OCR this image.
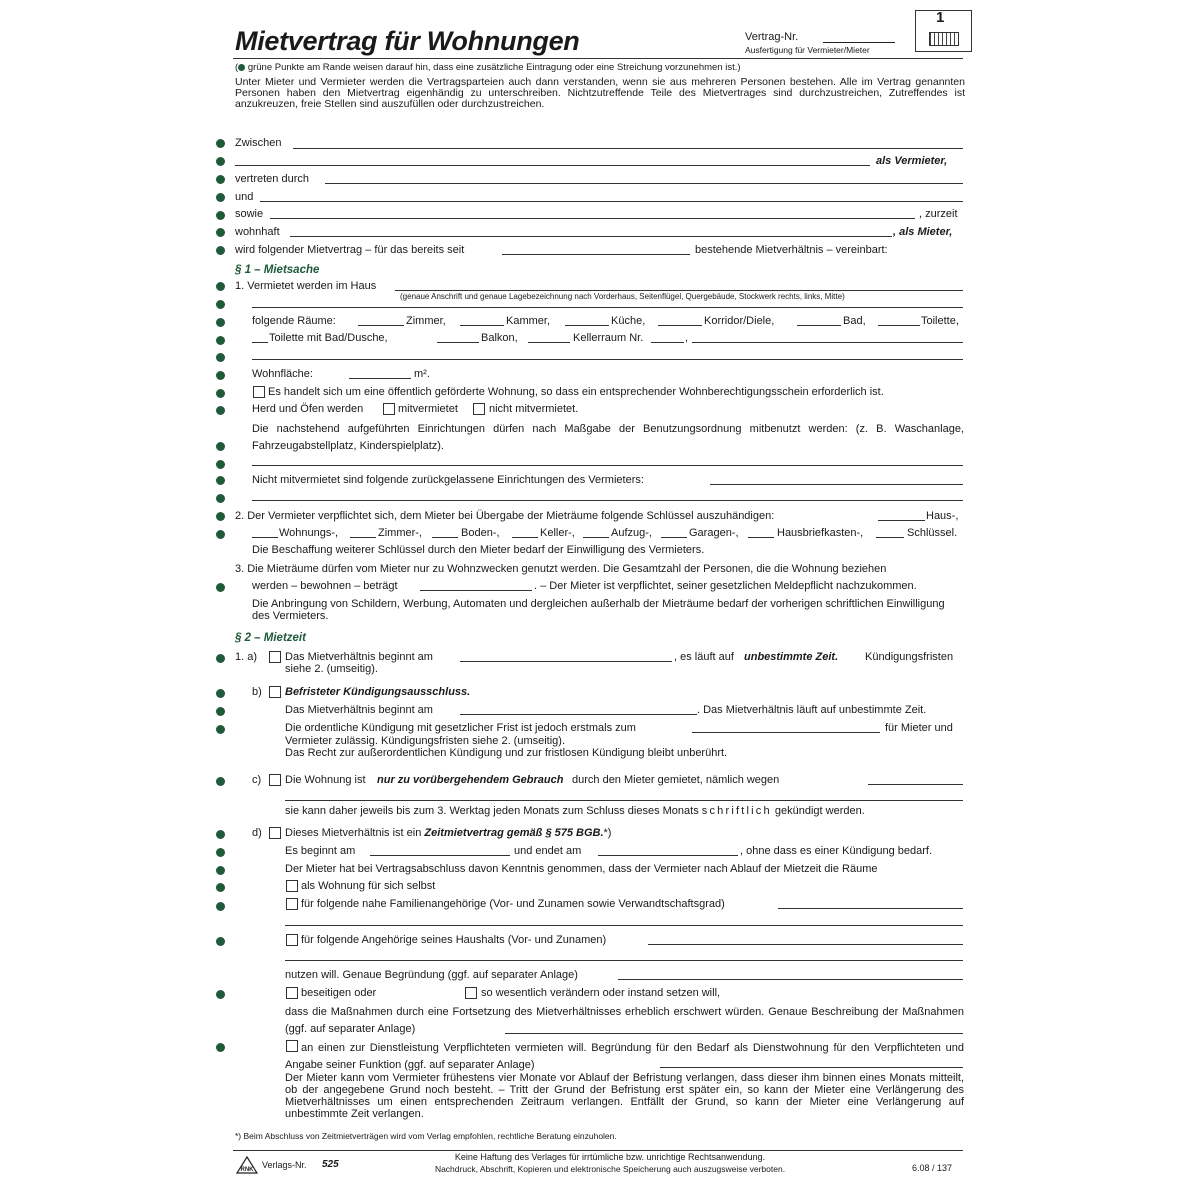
Mietvertrag für Wohnungen	Vertrag-Nr.
Ausfertigung für Vermieter/Mieter
1
( grüne Punkte am Rande weisen darauf hin, dass eine zusätzliche Eintragung oder eine Streichung vorzunehmen ist.)
Unter Mieter und Vermieter werden die Vertragsparteien auch dann verstanden, wenn sie aus mehreren Personen bestehen. Alle im Vertrag genannten Personen haben den Mietvertrag eigenhändig zu unterschreiben. Nichtzutreffende Teile des Mietvertrages sind durchzustreichen, Zutreffendes ist anzukreuzen, freie Stellen sind auszufüllen oder durchzustreichen.
Zwischen
als Vermieter,
vertreten durch
und
sowie	, zurzeit
wohnhaft	, als Mieter,
wird folgender Mietvertrag – für das bereits seit	bestehende Mietverhältnis – vereinbart:
§ 1 – Mietsache
1. Vermietet werden im Haus
(genaue Anschrift und genaue Lagebezeichnung nach Vorderhaus, Seitenflügel, Quergebäude, Stockwerk rechts, links, Mitte)
folgende Räume:	Zimmer,	Kammer,	Küche,	Korridor/Diele,	Bad,	Toilette,
Toilette mit Bad/Dusche,	Balkon,	Kellerraum Nr.	,
Wohnfläche:	m².
Es handelt sich um eine öffentlich geförderte Wohnung, so dass ein entsprechender Wohnberechtigungsschein erforderlich ist.
Herd und Öfen werden	mitvermietet	nicht mitvermietet.
Die nachstehend aufgeführten Einrichtungen dürfen nach Maßgabe der Benutzungsordnung mitbenutzt werden: (z. B. Waschanlage, Fahrzeugabstellplatz, Kinderspielplatz).
Nicht mitvermietet sind folgende zurückgelassene Einrichtungen des Vermieters:
2. Der Vermieter verpflichtet sich, dem Mieter bei Übergabe der Mieträume folgende Schlüssel auszuhändigen:	Haus-,
Wohnungs-,	Zimmer-,	Boden-,	Keller-,	Aufzug-,	Garagen-,	Hausbriefkasten-,	Schlüssel.
Die Beschaffung weiterer Schlüssel durch den Mieter bedarf der Einwilligung des Vermieters.
3. Die Mieträume dürfen vom Mieter nur zu Wohnzwecken genutzt werden. Die Gesamtzahl der Personen, die die Wohnung beziehen
werden – bewohnen – beträgt	. – Der Mieter ist verpflichtet, seiner gesetzlichen Meldepflicht nachzukommen.
Die Anbringung von Schildern, Werbung, Automaten und dergleichen außerhalb der Mieträume bedarf der vorherigen schriftlichen Einwilligung des Vermieters.
§ 2 – Mietzeit
1. a)	Das Mietverhältnis beginnt am	, es läuft auf unbestimmte Zeit. Kündigungsfristen
siehe 2. (umseitig).
b) Befristeter Kündigungsausschluss.
Das Mietverhältnis beginnt am	. Das Mietverhältnis läuft auf unbestimmte Zeit.
Die ordentliche Kündigung mit gesetzlicher Frist ist jedoch erstmals zum	für Mieter und
Vermieter zulässig. Kündigungsfristen siehe 2. (umseitig).
Das Recht zur außerordentlichen Kündigung und zur fristlosen Kündigung bleibt unberührt.
c) Die Wohnung ist nur zu vorübergehendem Gebrauch durch den Mieter gemietet, nämlich wegen
sie kann daher jeweils bis zum 3. Werktag jeden Monats zum Schluss dieses Monats schriftlich gekündigt werden.
d) Dieses Mietverhältnis ist ein Zeitmietvertrag gemäß § 575 BGB.*)
Es beginnt am	und endet am	, ohne dass es einer Kündigung bedarf.
Der Mieter hat bei Vertragsabschluss davon Kenntnis genommen, dass der Vermieter nach Ablauf der Mietzeit die Räume
als Wohnung für sich selbst
für folgende nahe Familienangehörige (Vor- und Zunamen sowie Verwandtschaftsgrad)
für folgende Angehörige seines Haushalts (Vor- und Zunamen)
nutzen will. Genaue Begründung (ggf. auf separater Anlage)
beseitigen oder	so wesentlich verändern oder instand setzen will,
dass die Maßnahmen durch eine Fortsetzung des Mietverhältnisses erheblich erschwert würden. Genaue Beschreibung der Maßnahmen (ggf. auf separater Anlage)
an einen zur Dienstleistung Verpflichteten vermieten will. Begründung für den Bedarf als Dienstwohnung für den Verpflichteten und Angabe seiner Funktion (ggf. auf separater Anlage)
Der Mieter kann vom Vermieter frühestens vier Monate vor Ablauf der Befristung verlangen, dass dieser ihm binnen eines Monats mitteilt, ob der angegebene Grund noch besteht. – Tritt der Grund der Befristung erst später ein, so kann der Mieter eine Verlängerung des Mietverhältnisses um einen entsprechenden Zeitraum verlangen. Entfällt der Grund, so kann der Mieter eine Verlängerung auf unbestimmte Zeit verlangen.
*) Beim Abschluss von Zeitmietverträgen wird vom Verlag empfohlen, rechtliche Beratung einzuholen.
RNK Verlags-Nr. 525
Keine Haftung des Verlages für irrtümliche bzw. unrichtige Rechtsanwendung.
Nachdruck, Abschrift, Kopieren und elektronische Speicherung auch auszugsweise verboten.	6.08 / 137
